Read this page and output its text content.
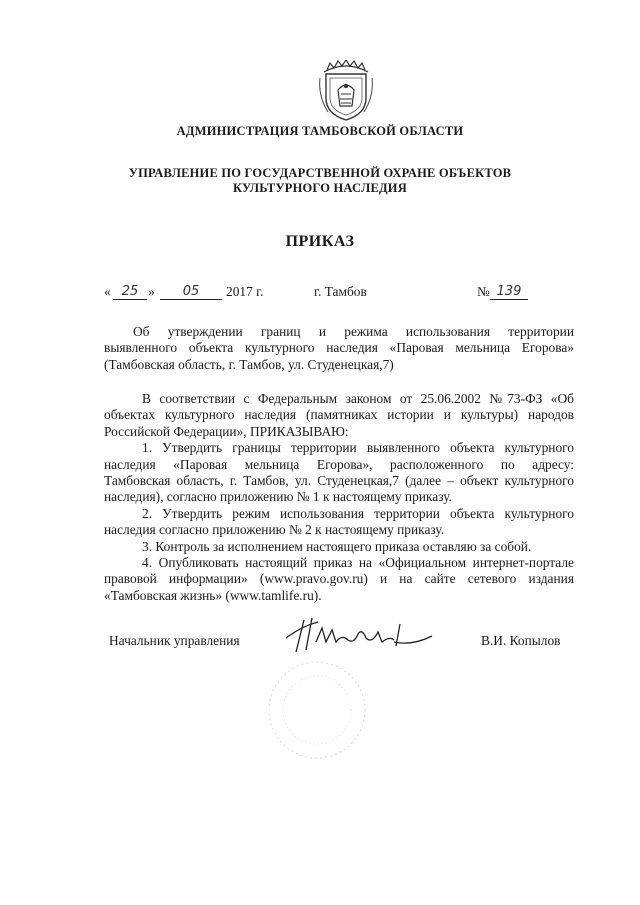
АДМИНИСТРАЦИЯ ТАМБОВСКОЙ ОБЛАСТИ
УПРАВЛЕНИЕ ПО ГОСУДАРСТВЕННОЙ ОХРАНЕ ОБЪЕКТОВ
КУЛЬТУРНОГО НАСЛЕДИЯ
ПРИКАЗ
« 25 »	05	2017 г.	г. Тамбов	№ 139
Об утверждении границ и режима использования территории
выявленного объекта культурного наследия «Паровая мельница Егорова»
(Тамбовская область, г. Тамбов, ул. Студенецкая,7)
В соответствии с Федеральным законом от 25.06.2002 №73-ФЗ «Об
объектах культурного наследия (памятниках истории и культуры) народов
Российской Федерации», ПРИКАЗЫВАЮ:
1. Утвердить границы территории выявленного объекта культурного
наследия «Паровая мельница Егорова», расположенного по адресу:
Тамбовская область, г. Тамбов, ул. Студенецкая,7 (далее – объект культурного
наследия), согласно приложению № 1 к настоящему приказу.
2. Утвердить режим использования территории объекта культурного
наследия согласно приложению № 2 к настоящему приказу.
3. Контроль за исполнением настоящего приказа оставляю за собой.
4. Опубликовать настоящий приказ на «Официальном интернет-портале
правовой информации» (www.pravo.gov.ru) и на сайте сетевого издания
«Тамбовская жизнь» (www.tamlife.ru).
Начальник управления	В.И. Копылов
